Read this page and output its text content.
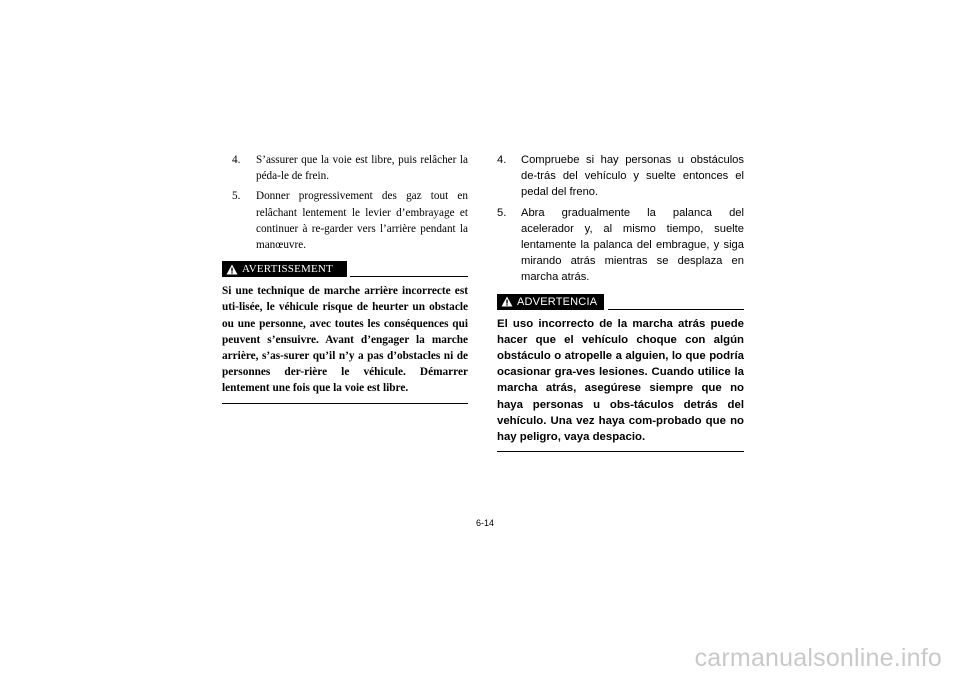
4.	S’assurer que la voie est libre, puis relâcher la péda-le de frein.
5.	Donner progressivement des gaz tout en relâchant lentement le levier d’embrayage et continuer à re-garder vers l’arrière pendant la manœuvre.
AVERTISSEMENT
Si une technique de marche arrière incorrecte est uti-lisée, le véhicule risque de heurter un obstacle ou une personne, avec toutes les conséquences qui peuvent s’ensuivre. Avant d’engager la marche arrière, s’as-surer qu’il n’y a pas d’obstacles ni de personnes der-rière le véhicule. Démarrer lentement une fois que la voie est libre.
4.	Compruebe si hay personas u obstáculos de-trás del vehículo y suelte entonces el pedal del freno.
5.	Abra gradualmente la palanca del acelerador y, al mismo tiempo, suelte lentamente la palanca del embrague, y siga mirando atrás mientras se desplaza en marcha atrás.
ADVERTENCIA
El uso incorrecto de la marcha atrás puede hacer que el vehículo choque con algún obstáculo o atropelle a alguien, lo que podría ocasionar gra-ves lesiones. Cuando utilice la marcha atrás, asegúrese siempre que no haya personas u obs-táculos detrás del vehículo. Una vez haya com-probado que no hay peligro, vaya despacio.
6-14
carmanualsonline.info
